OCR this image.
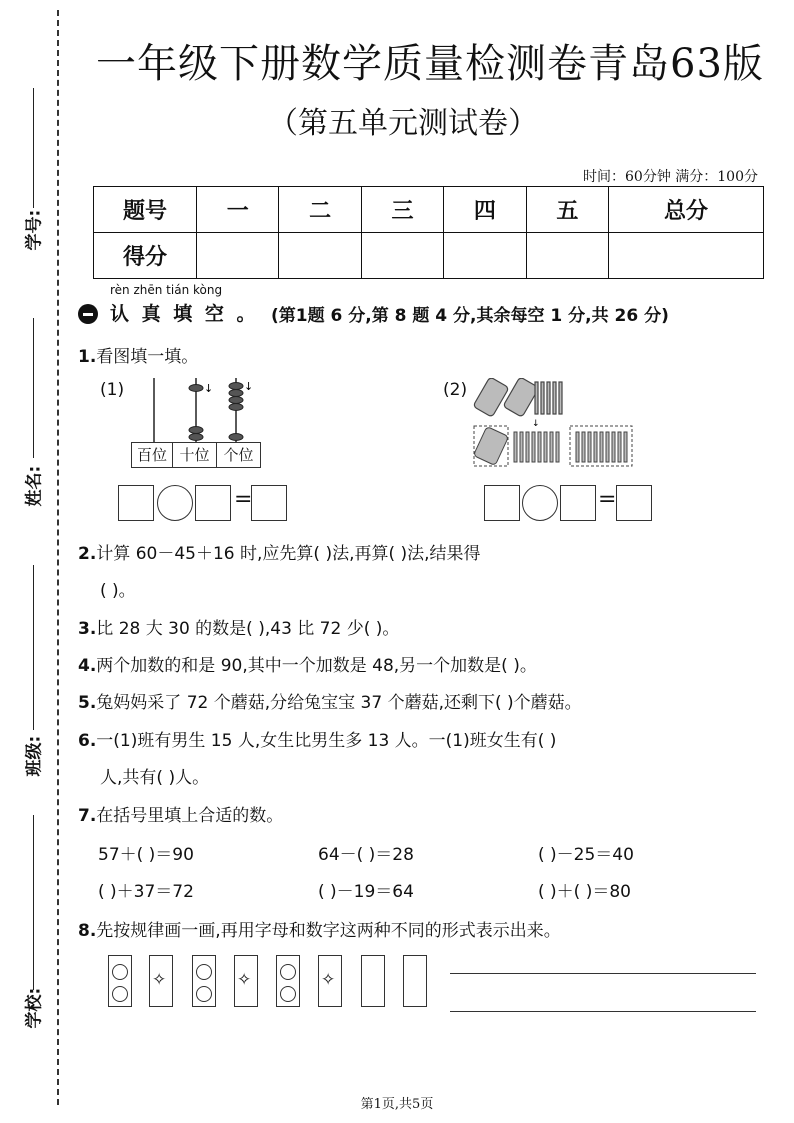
学号:
姓名:
班级:
学校:
一年级下册数学质量检测卷青岛63版
（第五单元测试卷）
时间：60分钟 满分：100分
题号	一	二	三	四	五	总分
得分						
rèn zhēn tián kòng
认 真 填 空 。 (第1题 6 分,第 8 题 4 分,其余每空 1 分,共 26 分)
1.看图填一填。
(1)	↓	↓
百位 十位 个位
=
(2)
↓
=
2.计算 60－45＋16 时,应先算( )法,再算( )法,结果得
( )。
3.比 28 大 30 的数是( ),43 比 72 少( )。
4.两个加数的和是 90,其中一个加数是 48,另一个加数是( )。
5.兔妈妈采了 72 个蘑菇,分给兔宝宝 37 个蘑菇,还剩下( )个蘑菇。
6.一(1)班有男生 15 人,女生比男生多 13 人。一(1)班女生有( )
人,共有( )人。
7.在括号里填上合适的数。
57＋( )＝90	64－( )＝28	( )－25＝40
( )＋37＝72	( )－19＝64	( )＋( )＝80
8.先按规律画一画,再用字母和数字这两种不同的形式表示出来。
✧	✧	✧
第1页,共5页
